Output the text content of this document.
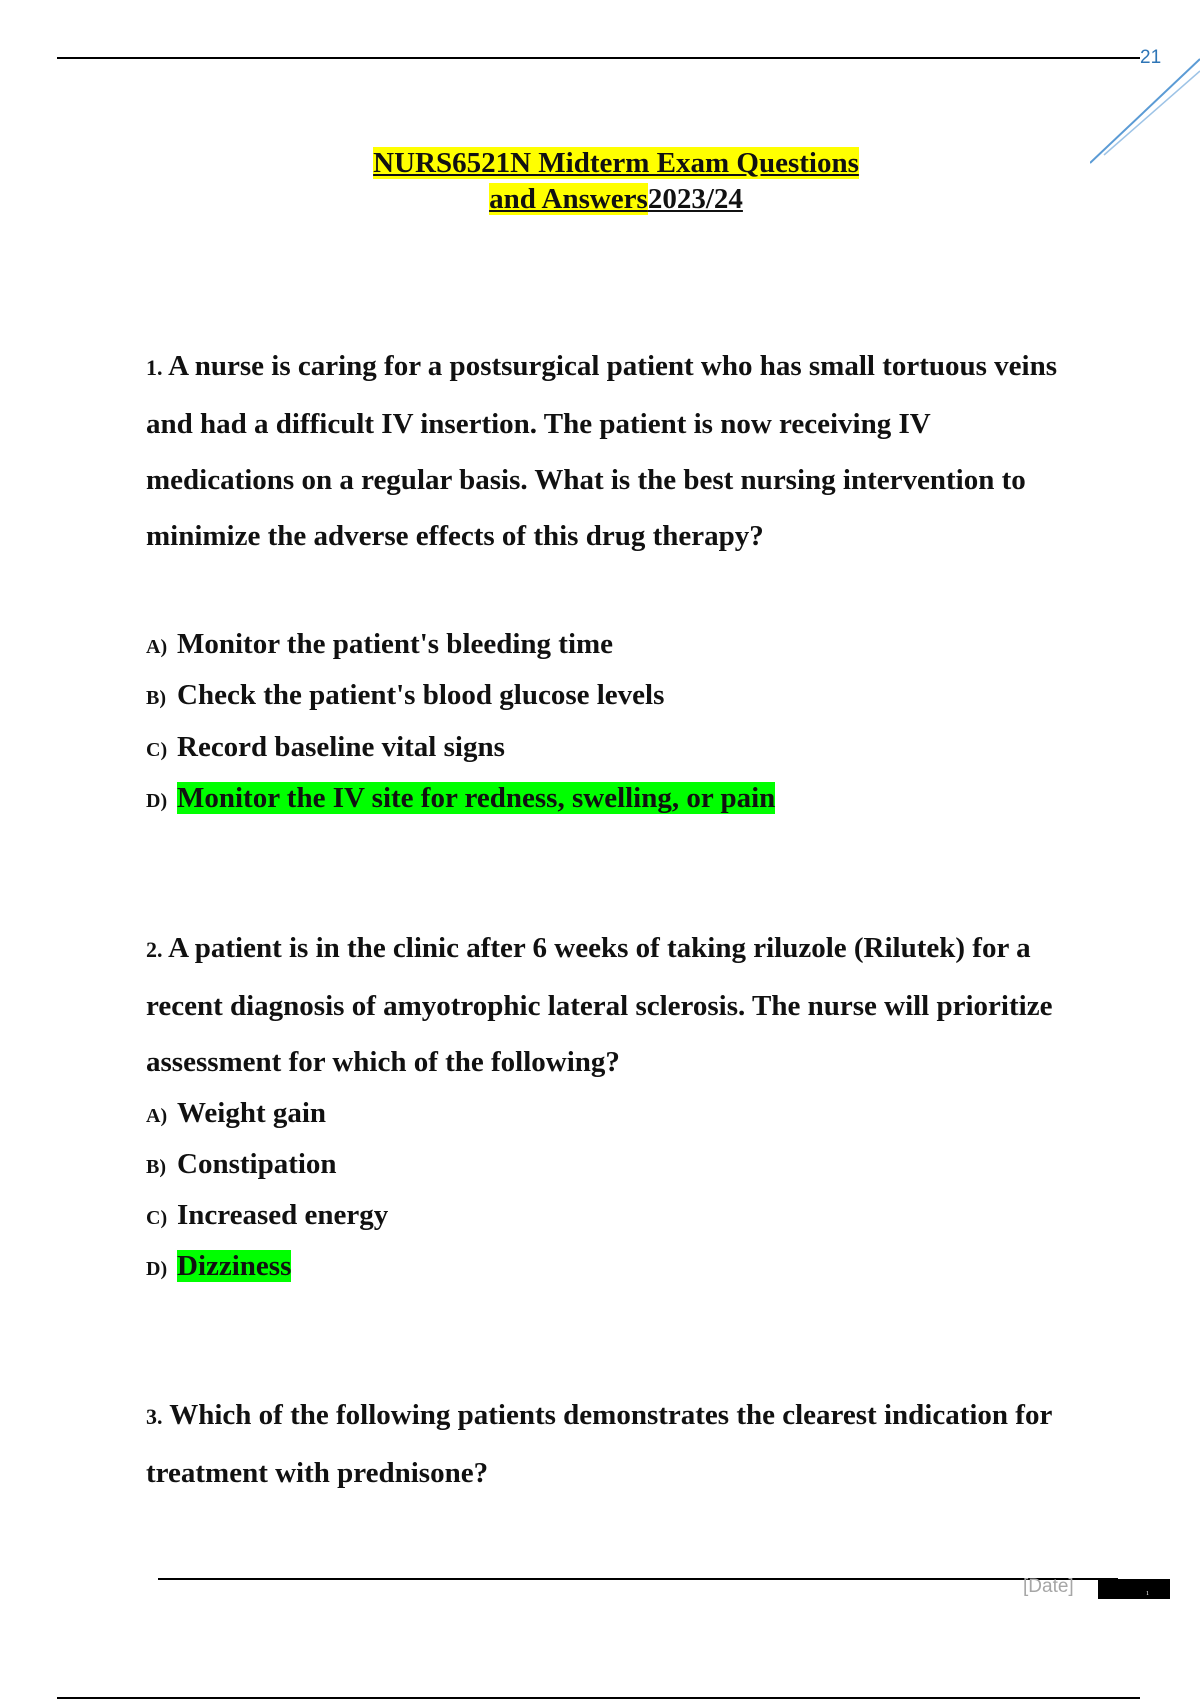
21
NURS6521N Midterm Exam Questions
and Answers2023/24
1. A nurse is caring for a postsurgical patient who has small tortuous veins and had a difficult IV insertion. The patient is now receiving IV medications on a regular basis. What is the best nursing intervention to minimize the adverse effects of this drug therapy?
A) Monitor the patient's bleeding time
B) Check the patient's blood glucose levels
C) Record baseline vital signs
D) Monitor the IV site for redness, swelling, or pain
2. A patient is in the clinic after 6 weeks of taking riluzole (Rilutek) for a recent diagnosis of amyotrophic lateral sclerosis. The nurse will prioritize assessment for which of the following?
A) Weight gain
B) Constipation
C) Increased energy
D) Dizziness
3. Which of the following patients demonstrates the clearest indication for treatment with prednisone?
[Date]	1
